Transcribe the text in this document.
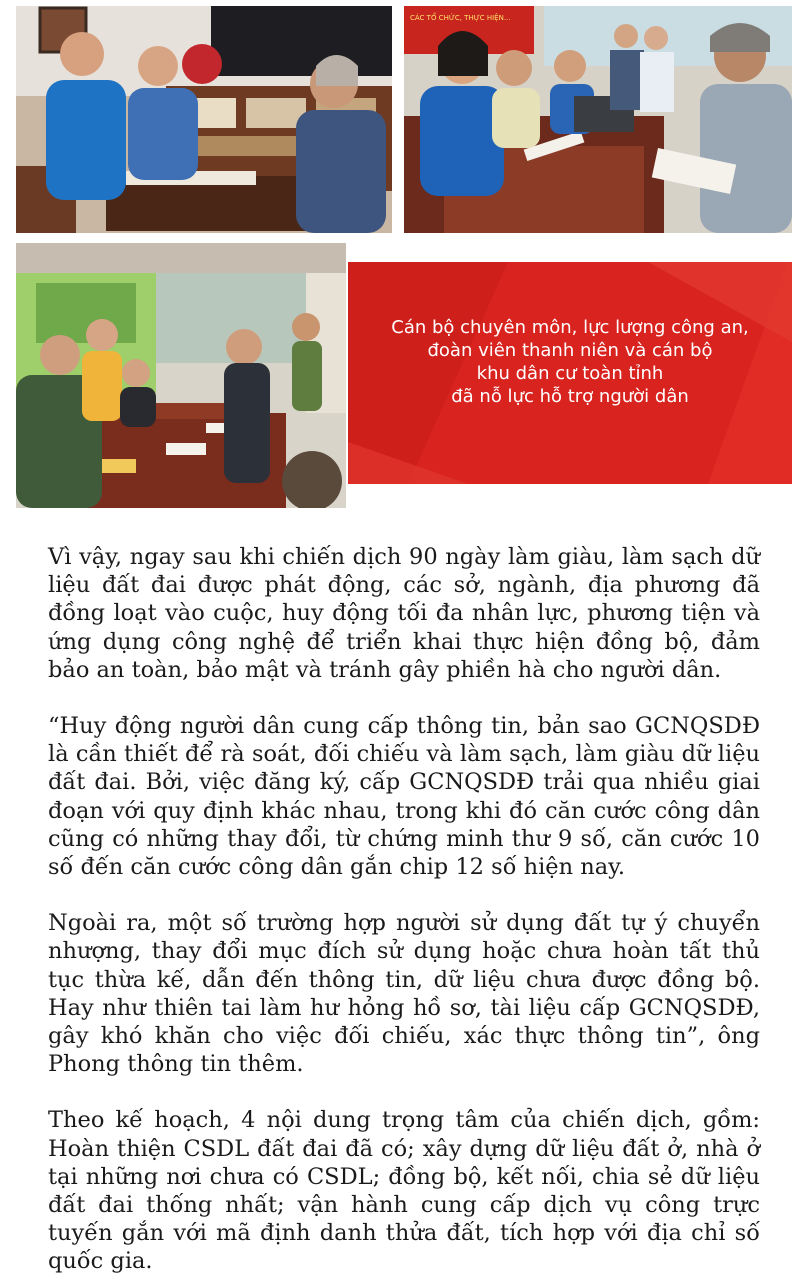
CÁC TỔ CHỨC, THỰC HIỆN...
Cán bộ chuyên môn, lực lượng công an,
đoàn viên thanh niên và cán bộ
khu dân cư toàn tỉnh
đã nỗ lực hỗ trợ người dân

Vì vậy, ngay sau khi chiến dịch 90 ngày làm giàu, làm sạch dữ liệu đất đai được phát động, các sở, ngành, địa phương đã đồng loạt vào cuộc, huy động tối đa nhân lực, phương tiện và ứng dụng công nghệ để triển khai thực hiện đồng bộ, đảm bảo an toàn, bảo mật và tránh gây phiền hà cho người dân.

“Huy động người dân cung cấp thông tin, bản sao GCNQSDĐ là cần thiết để rà soát, đối chiếu và làm sạch, làm giàu dữ liệu đất đai. Bởi, việc đăng ký, cấp GCNQSDĐ trải qua nhiều giai đoạn với quy định khác nhau, trong khi đó căn cước công dân cũng có những thay đổi, từ chứng minh thư 9 số, căn cước 10 số đến căn cước công dân gắn chip 12 số hiện nay.

Ngoài ra, một số trường hợp người sử dụng đất tự ý chuyển nhượng, thay đổi mục đích sử dụng hoặc chưa hoàn tất thủ tục thừa kế, dẫn đến thông tin, dữ liệu chưa được đồng bộ. Hay như thiên tai làm hư hỏng hồ sơ, tài liệu cấp GCNQSDĐ, gây khó khăn cho việc đối chiếu, xác thực thông tin”, ông Phong thông tin thêm.

Theo kế hoạch, 4 nội dung trọng tâm của chiến dịch, gồm: Hoàn thiện CSDL đất đai đã có; xây dựng dữ liệu đất ở, nhà ở tại những nơi chưa có CSDL; đồng bộ, kết nối, chia sẻ dữ liệu đất đai thống nhất; vận hành cung cấp dịch vụ công trực tuyến gắn với mã định danh thửa đất, tích hợp với địa chỉ số quốc gia.
